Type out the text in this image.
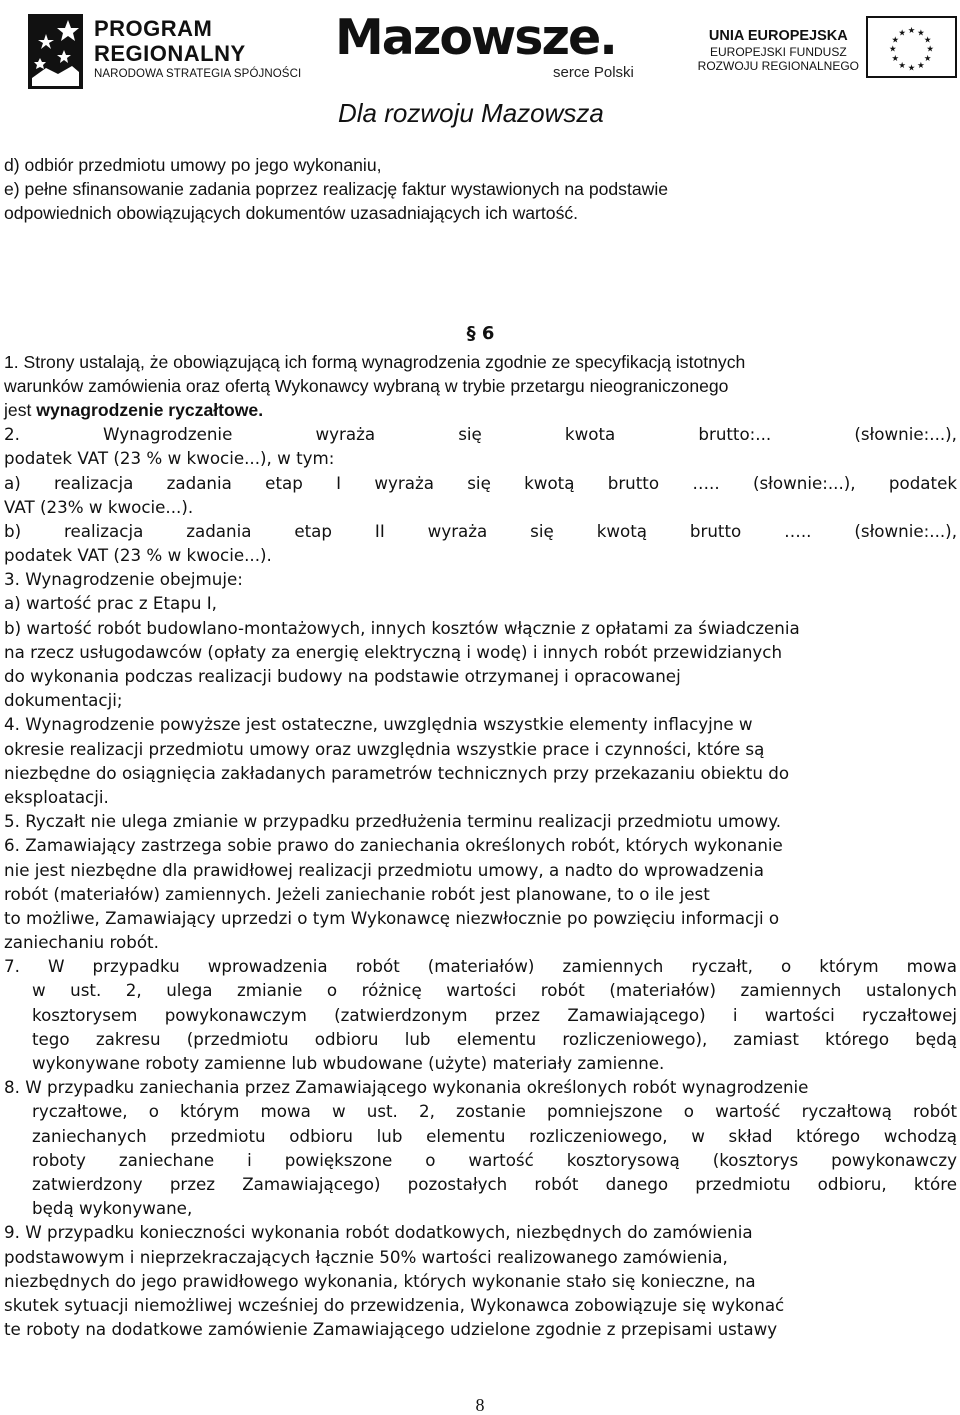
PROGRAM
REGIONALNY
NARODOWA STRATEGIA SPÓJNOŚCI
Mazowsze.
serce Polski
UNIA EUROPEJSKA
EUROPEJSKI FUNDUSZ
ROZWOJU REGIONALNEGO
★ ★
★
★
★
★
★
★
★
★
★
★
Dla rozwoju Mazowsza
d) odbiór przedmiotu umowy po jego wykonaniu,
e) pełne sfinansowanie zadania poprzez realizację faktur wystawionych na podstawie
odpowiednich obowiązujących dokumentów uzasadniających ich wartość.
§ 6
1. Strony ustalają, że obowiązującą ich formą wynagrodzenia zgodnie ze specyfikacją istotnych
warunków zamówienia oraz ofertą Wykonawcy wybraną w trybie przetargu nieograniczonego
jest wynagrodzenie ryczałtowe.
2. Wynagrodzenie wyraża się kwota brutto:... (słownie:...),
podatek VAT (23 % w kwocie...), w tym:
a) realizacja zadania etap I wyraża się kwotą brutto ….. (słownie:...), podatek
VAT (23% w kwocie...).
b) realizacja zadania etap II wyraża się kwotą brutto ….. (słownie:...),
podatek VAT (23 % w kwocie...).
3. Wynagrodzenie obejmuje:
a) wartość prac z Etapu I,
b) wartość robót budowlano-montażowych, innych kosztów włącznie z opłatami za świadczenia
na rzecz usługodawców (opłaty za energię elektryczną i wodę) i innych robót przewidzianych
do wykonania podczas realizacji budowy na podstawie otrzymanej i opracowanej
dokumentacji;
4. Wynagrodzenie powyższe jest ostateczne, uwzględnia wszystkie elementy inflacyjne w
okresie realizacji przedmiotu umowy oraz uwzględnia wszystkie prace i czynności, które są
niezbędne do osiągnięcia zakładanych parametrów technicznych przy przekazaniu obiektu do
eksploatacji.
5. Ryczałt nie ulega zmianie w przypadku przedłużenia terminu realizacji przedmiotu umowy.
6. Zamawiający zastrzega sobie prawo do zaniechania określonych robót, których wykonanie
nie jest niezbędne dla prawidłowej realizacji przedmiotu umowy, a nadto do wprowadzenia
robót (materiałów) zamiennych. Jeżeli zaniechanie robót jest planowane, to o ile jest
to możliwe, Zamawiający uprzedzi o tym Wykonawcę niezwłocznie po powzięciu informacji o
zaniechaniu robót.
7. W przypadku wprowadzenia robót (materiałów) zamiennych ryczałt, o którym mowa
w ust. 2, ulega zmianie o różnicę wartości robót (materiałów) zamiennych ustalonych
kosztorysem powykonawczym (zatwierdzonym przez Zamawiającego) i wartości ryczałtowej
tego zakresu (przedmiotu odbioru lub elementu rozliczeniowego), zamiast którego będą
wykonywane roboty zamienne lub wbudowane (użyte) materiały zamienne.
8. W przypadku zaniechania przez Zamawiającego wykonania określonych robót wynagrodzenie
ryczałtowe, o którym mowa w ust. 2, zostanie pomniejszone o wartość ryczałtową robót
zaniechanych przedmiotu odbioru lub elementu rozliczeniowego, w skład którego wchodzą
roboty zaniechane i powiększone o wartość kosztorysową (kosztorys powykonawczy
zatwierdzony przez Zamawiającego) pozostałych robót danego przedmiotu odbioru, które
będą wykonywane,
9. W przypadku konieczności wykonania robót dodatkowych, niezbędnych do zamówienia
podstawowym i nieprzekraczających łącznie 50% wartości realizowanego zamówienia,
niezbędnych do jego prawidłowego wykonania, których wykonanie stało się konieczne, na
skutek sytuacji niemożliwej wcześniej do przewidzenia, Wykonawca zobowiązuje się wykonać
te roboty na dodatkowe zamówienie Zamawiającego udzielone zgodnie z przepisami ustawy
8
